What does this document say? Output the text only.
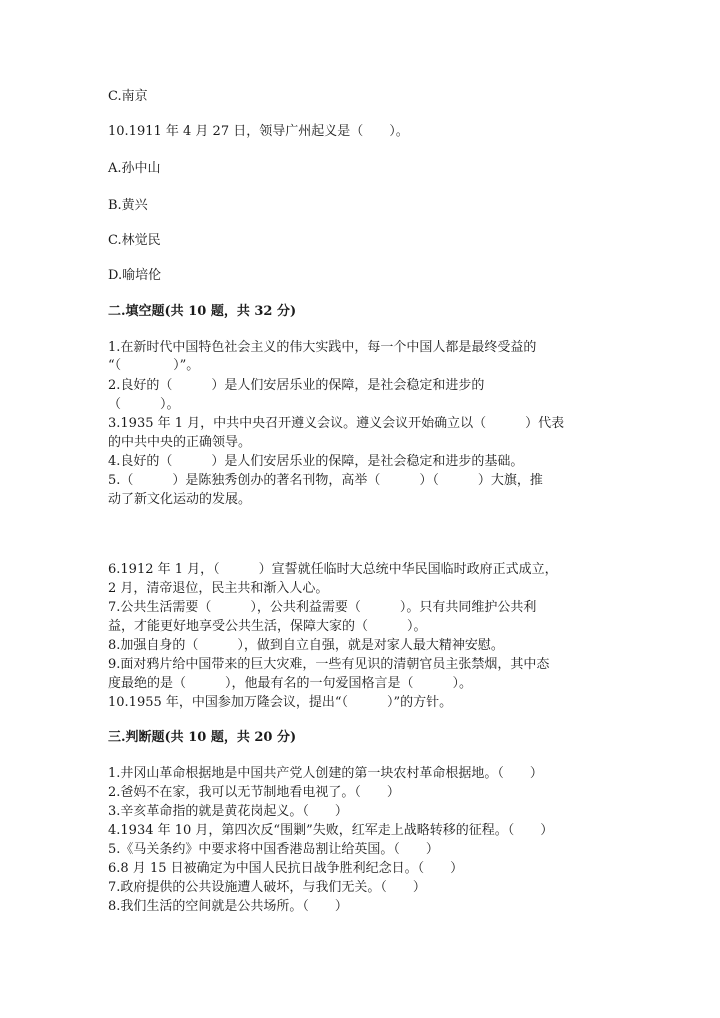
C.南京
10.1911 年 4 月 27 日，领导广州起义是（　　）。
A.孙中山
B.黄兴
C.林觉民
D.喻培伦
二.填空题(共 10 题，共 32 分)
1.在新时代中国特色社会主义的伟大实践中，每一个中国人都是最终受益的
“（　　　　）”。
2.良好的（　　　）是人们安居乐业的保障，是社会稳定和进步的
（　　　）。
3.1935 年 1 月，中共中央召开遵义会议。遵义会议开始确立以（　　　）代表
的中共中央的正确领导。
4.良好的（　　　）是人们安居乐业的保障，是社会稳定和进步的基础。
5.（　　　）是陈独秀创办的著名刊物，高举（　　　）（　　　）大旗，推
动了新文化运动的发展。
6.1912 年 1 月，（　　　）宣誓就任临时大总统中华民国临时政府正式成立，
2 月，清帝退位，民主共和渐入人心。
7.公共生活需要（　　　），公共利益需要（　　　）。只有共同维护公共利
益，才能更好地享受公共生活，保障大家的（　　　）。
8.加强自身的（　　　），做到自立自强，就是对家人最大精神安慰。
9.面对鸦片给中国带来的巨大灾难，一些有见识的清朝官员主张禁烟，其中态
度最绝的是（　　　），他最有名的一句爱国格言是（　　　）。
10.1955 年，中国参加万隆会议，提出“（　　　）”的方针。
三.判断题(共 10 题，共 20 分)
1.井冈山革命根据地是中国共产党人创建的第一块农村革命根据地。（　　）
2.爸妈不在家，我可以无节制地看电视了。（　　）
3.辛亥革命指的就是黄花岗起义。（　　）
4.1934 年 10 月，第四次反“围剿”失败，红军走上战略转移的征程。（　　）
5.《马关条约》中要求将中国香港岛割让给英国。（　　）
6.8 月 15 日被确定为中国人民抗日战争胜利纪念日。（　　）
7.政府提供的公共设施遭人破坏，与我们无关。（　　）
8.我们生活的空间就是公共场所。（　　）
